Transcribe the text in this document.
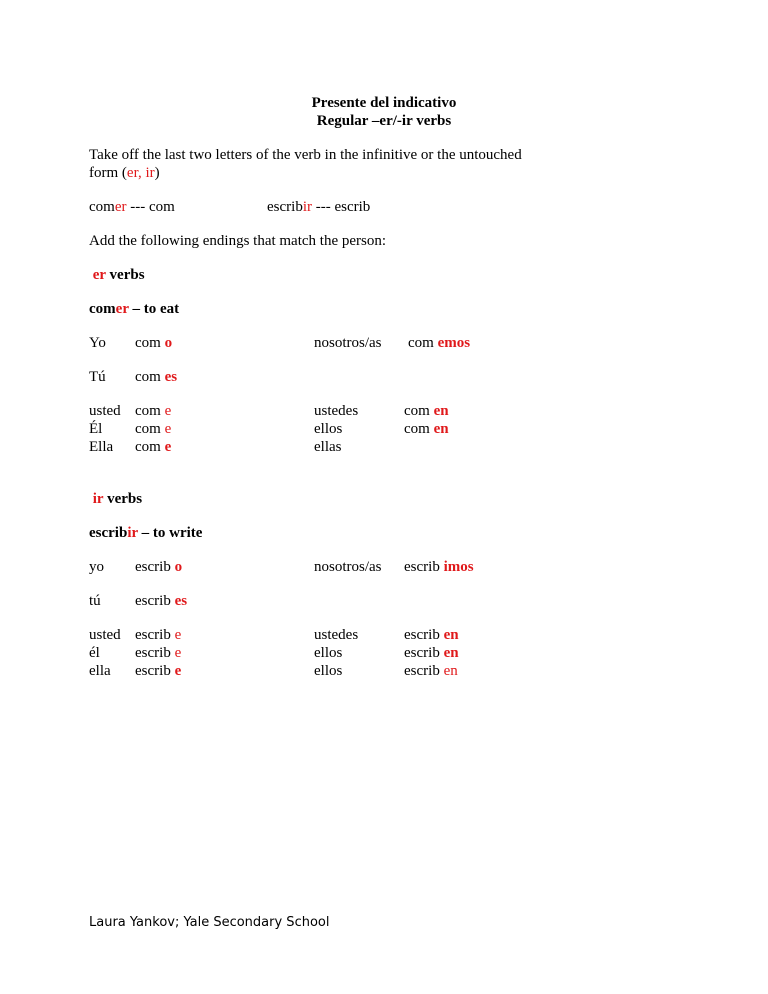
Presente del indicativo
Regular –er/-ir verbs
Take off the last two letters of the verb in the infinitive or the untouched
form (er, ir)
comer --- com	escribir --- escrib
Add the following endings that match the person:
er verbs
comer – to eat
Yo com o	nosotros/as com emos
Tú com es
usted com e	ustedes	com en
Él com e	ellos	com en
Ella com e	ellas
ir verbs
escribir – to write
yo escrib o	nosotros/as escrib imos
tú escrib es
usted escrib e	ustedes	escrib en
él escrib e	ellos	escrib en
ella escrib e	ellos	escrib en
Laura Yankov; Yale Secondary School
